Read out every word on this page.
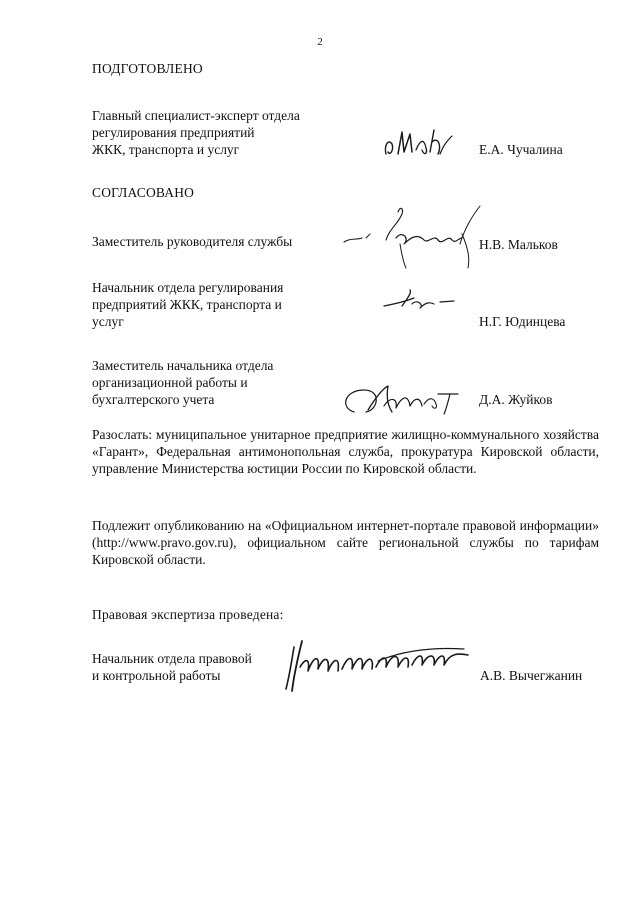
2
ПОДГОТОВЛЕНО
Главный специалист-эксперт отдела
регулирования предприятий
ЖКК, транспорта и услуг	Е.А. Чучалина
СОГЛАСОВАНО
Заместитель руководителя службы	Н.В. Мальков
Начальник отдела регулирования
предприятий ЖКК, транспорта и
услуг	Н.Г. Юдинцева
Заместитель начальника отдела
организационной работы и
бухгалтерского учета	Д.А. Жуйков
Разослать: муниципальное унитарное предприятие жилищно-коммунального хозяйства «Гарант», Федеральная антимонопольная служба, прокуратура Кировской области, управление Министерства юстиции России по Кировской области.
Подлежит опубликованию на «Официальном интернет-портале правовой информации» (http://www.pravo.gov.ru), официальном сайте региональной службы по тарифам Кировской области.
Правовая экспертиза проведена:
Начальник отдела правовой
и контрольной работы	А.В. Вычегжанин
